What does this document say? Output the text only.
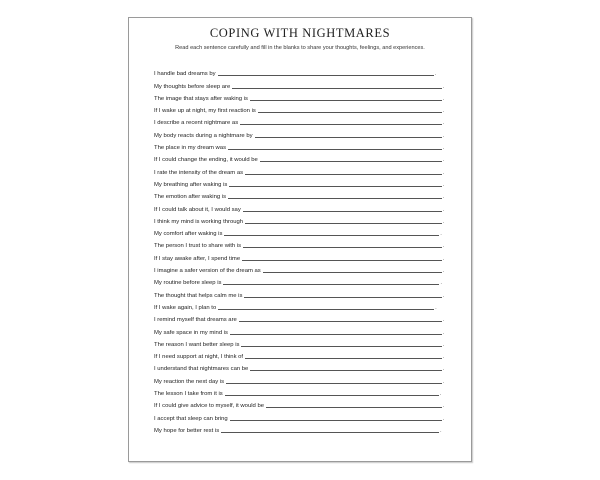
COPING WITH NIGHTMARES
Read each sentence carefully and fill in the blanks to share your thoughts, feelings, and experiences.
I handle bad dreams by	.
My thoughts before sleep are	.
The image that stays after waking is	.
If I wake up at night, my first reaction is	.
I describe a recent nightmare as	.
My body reacts during a nightmare by	.
The place in my dream was	.
If I could change the ending, it would be	.
I rate the intensity of the dream as	.
My breathing after waking is	.
The emotion after waking is	.
If I could talk about it, I would say	.
I think my mind is working through	.
My comfort after waking is	.
The person I trust to share with is	.
If I stay awake after, I spend time	.
I imagine a safer version of the dream as	.
My routine before sleep is	.
The thought that helps calm me is	.
If I wake again, I plan to	.
I remind myself that dreams are	.
My safe space in my mind is	.
The reason I want better sleep is	.
If I need support at night, I think of	.
I understand that nightmares can be	.
My reaction the next day is	.
The lesson I take from it is	.
If I could give advice to myself, it would be	.
I accept that sleep can bring	.
My hope for better rest is	.
